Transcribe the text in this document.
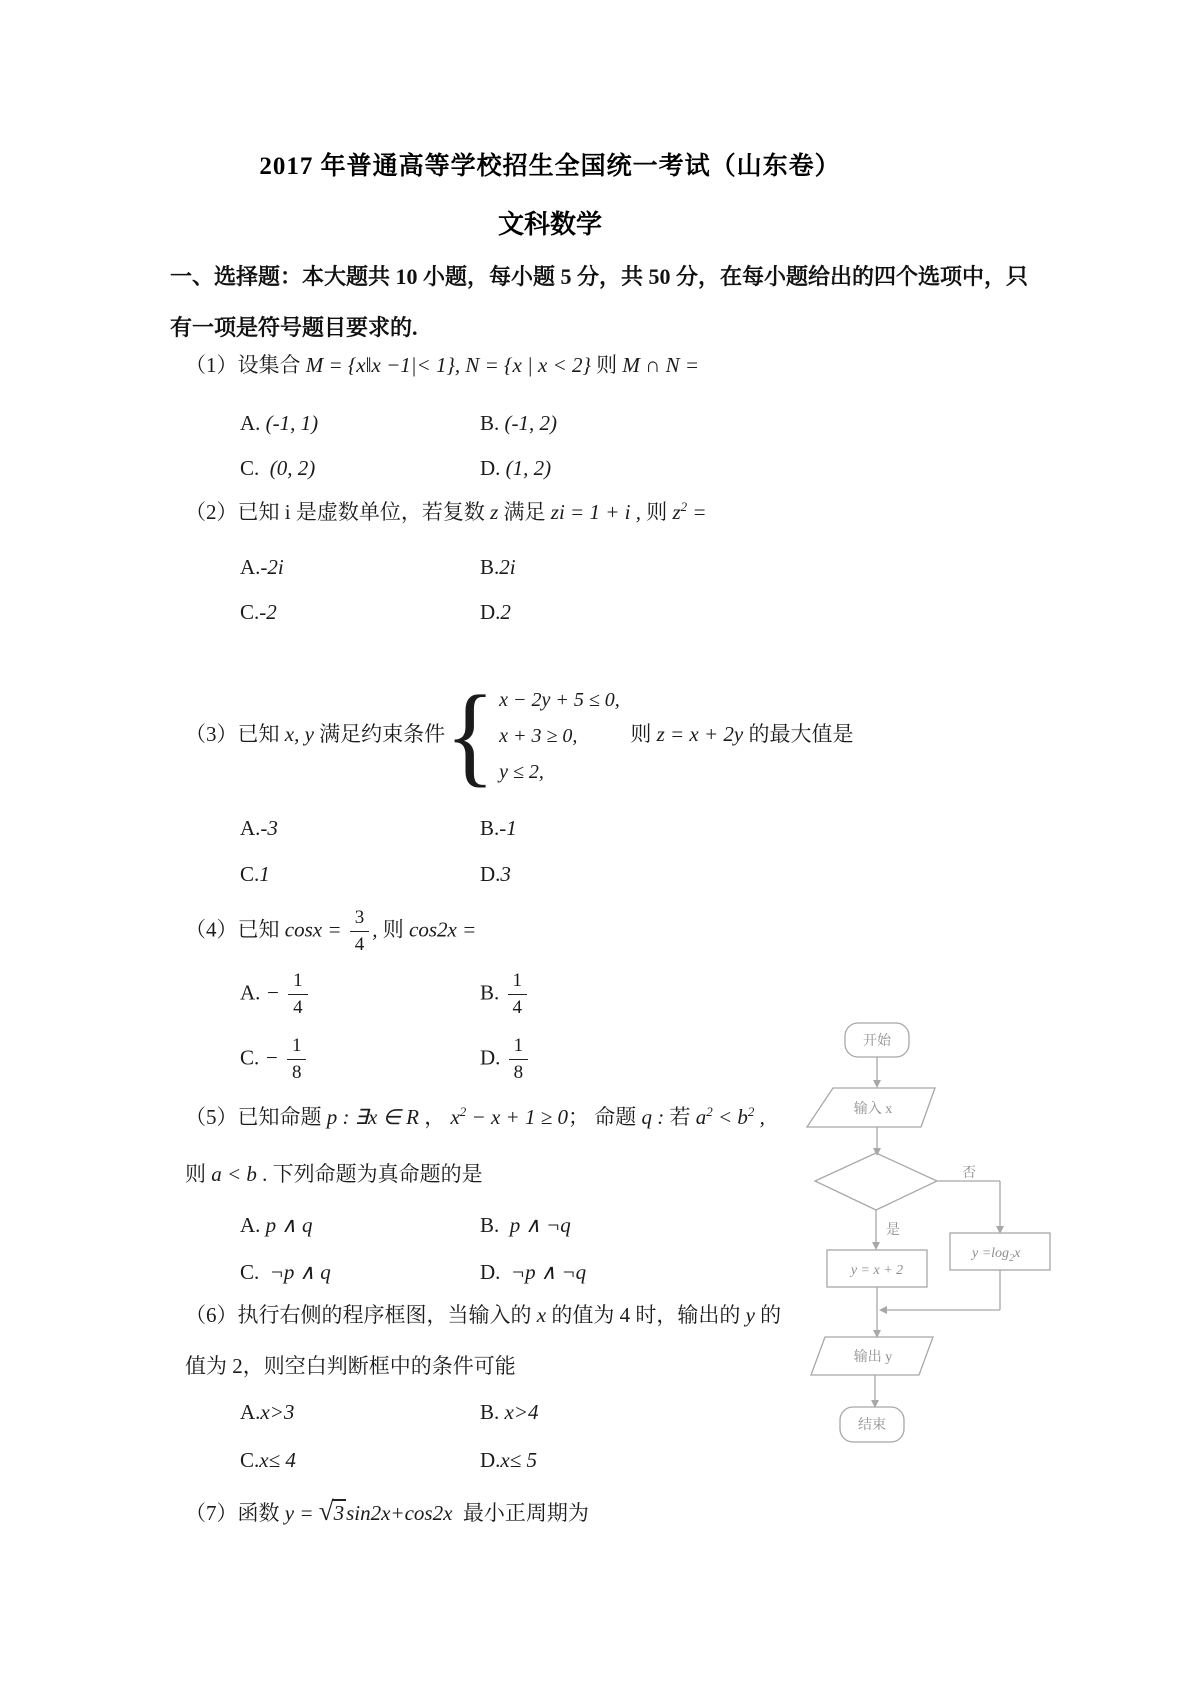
2017 年普通高等学校招生全国统一考试（山东卷）
文科数学
一、选择题：本大题共 10 小题，每小题 5 分，共 50 分，在每小题给出的四个选项中，只
有一项是符号题目要求的.
（1）设集合 M = {x‖x −1|< 1}, N = {x | x < 2} 则 M ∩ N =
A. (-1, 1)	B. (-1, 2)
C.  (0, 2)	D. (1, 2)
（2）已知 i 是虚数单位，若复数 z 满足 zi = 1 + i , 则 $z^2$ =
A.-2i	B.2i
C.-2	D.2
（3）已知 x, y 满足约束条件 { x − 2y + 5 ≤ 0,
x + 3 ≥ 0,
y ≤ 2,
则 z = x + 2y 的最大值是
A.-3	B.-1
C.1	D.3
（4）已知 $\cos x = \frac{3}{4}$ , 则 cos2x =
A. − $\frac{1}{4}$	B. $\frac{1}{4}$
C. − $\frac{1}{8}$	D. $\frac{1}{8}$
（5）已知命题 p : ∃x ∈ R ， $x^2 - x + 1 \ge 0$； 命题 q : 若 $a^2 < b^2$ ,
则 a < b . 下列命题为真命题的是
A. p ∧ q	B.  p ∧ ¬q
C.  ¬p ∧ q	D.  ¬p ∧ ¬q
（6）执行右侧的程序框图，当输入的 x 的值为 4 时，输出的 y 的
值为 2，则空白判断框中的条件可能
A.x>3	B. x>4
C.x≤ 4	D.x≤ 5
（7）函数 y = √3sin2x+cos2x  最小正周期为
开始
输入 x
否
是
y = x + 2
$y =\log_2x$
输出 y
结束
